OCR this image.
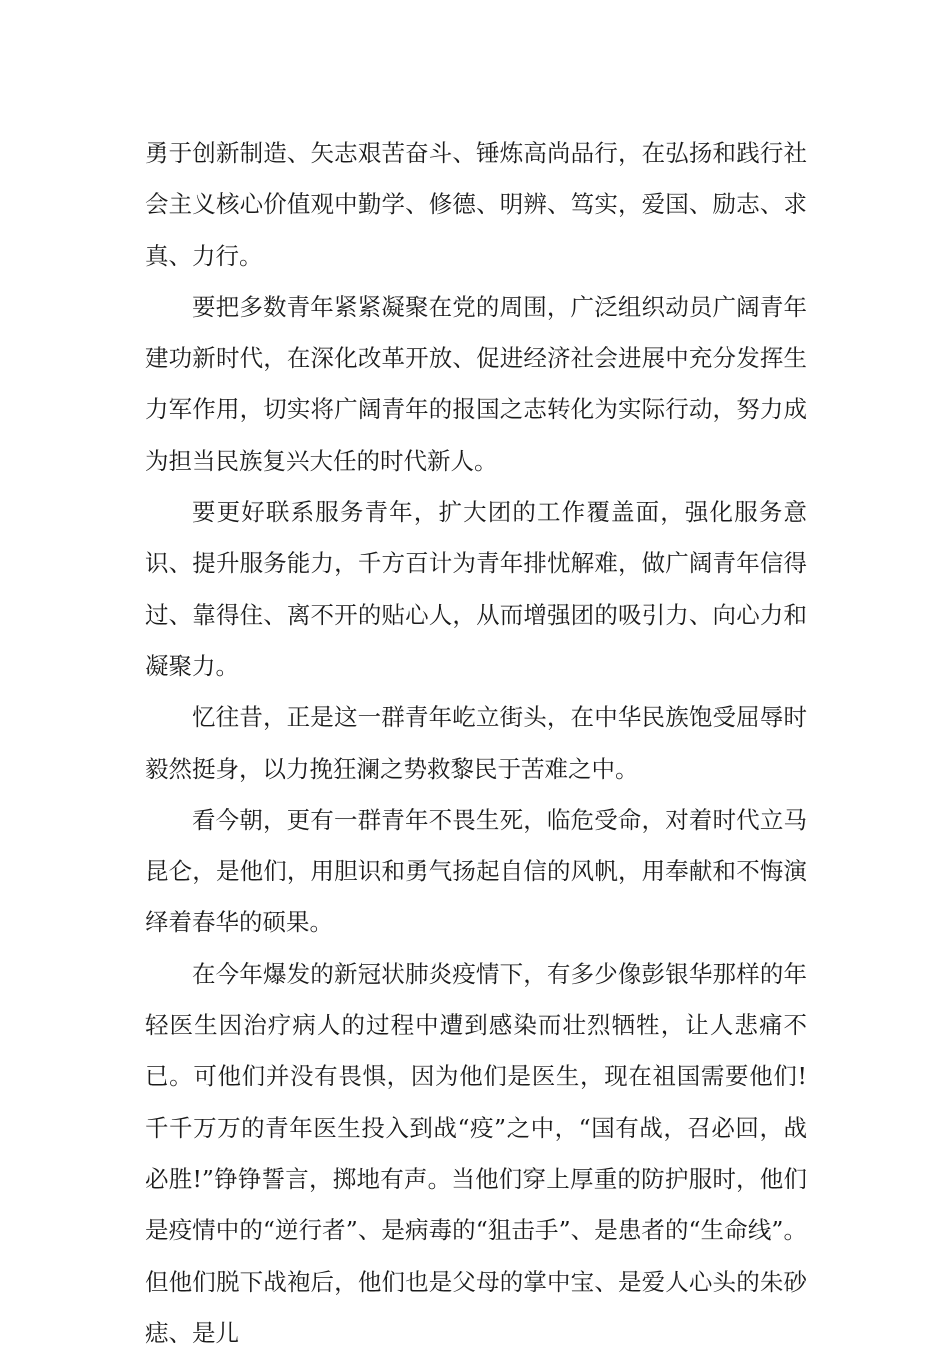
勇于创新制造、矢志艰苦奋斗、锤炼高尚品行，在弘扬和践行社会主义核心价值观中勤学、修德、明辨、笃实，爱国、励志、求真、力行。

要把多数青年紧紧凝聚在党的周围，广泛组织动员广阔青年建功新时代，在深化改革开放、促进经济社会进展中充分发挥生力军作用，切实将广阔青年的报国之志转化为实际行动，努力成为担当民族复兴大任的时代新人。

要更好联系服务青年，扩大团的工作覆盖面，强化服务意识、提升服务能力，千方百计为青年排忧解难，做广阔青年信得过、靠得住、离不开的贴心人，从而增强团的吸引力、向心力和凝聚力。

忆往昔，正是这一群青年屹立街头，在中华民族饱受屈辱时毅然挺身，以力挽狂澜之势救黎民于苦难之中。

看今朝，更有一群青年不畏生死，临危受命，对着时代立马昆仑，是他们，用胆识和勇气扬起自信的风帆，用奉献和不悔演绎着春华的硕果。

在今年爆发的新冠状肺炎疫情下，有多少像彭银华那样的年轻医生因治疗病人的过程中遭到感染而壮烈牺牲，让人悲痛不已。可他们并没有畏惧，因为他们是医生，现在祖国需要他们!千千万万的青年医生投入到战“疫”之中，“国有战，召必回，战必胜!”铮铮誓言，掷地有声。当他们穿上厚重的防护服时，他们是疫情中的“逆行者”、是病毒的“狙击手”、是患者的“生命线”。但他们脱下战袍后，他们也是父母的掌中宝、是爱人心头的朱砂痣、是儿
